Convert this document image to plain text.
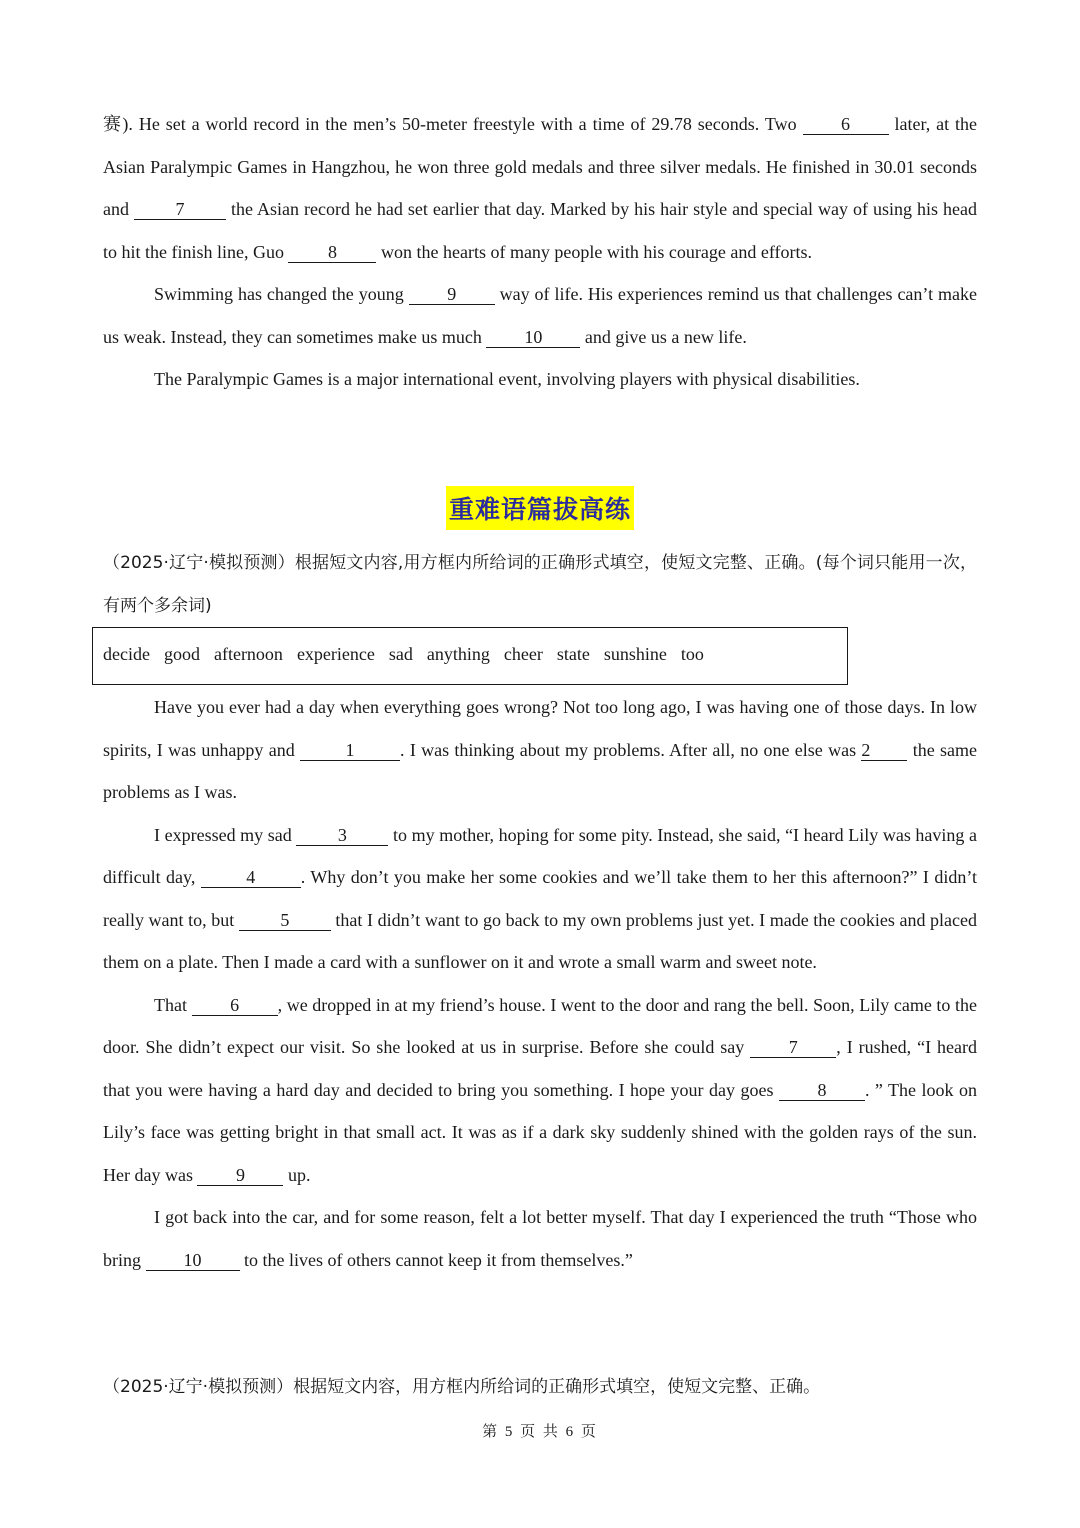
赛). He set a world record in the men’s 50-meter freestyle with a time of 29.78 seconds. Two 6 later, at the Asian Paralympic Games in Hangzhou, he won three gold medals and three silver medals. He finished in 30.01 seconds and	7 the Asian record he had set earlier that day. Marked by his hair style and special way of using his head to hit the finish line, Guo 8 won the hearts of many people with his courage and efforts.

Swimming has changed the young 9 way of life. His experiences remind us that challenges can’t make us weak. Instead, they can sometimes make us much 10 and give us a new life.

The Paralympic Games is a major international event, involving players with physical disabilities.

重难语篇拔高练

（2025·辽宁·模拟预测）根据短文内容,用方框内所给词的正确形式填空，使短文完整、正确。(每个词只能用一次，有两个多余词)

decide good afternoon experience sad anything cheer state sunshine too

Have you ever had a day when everything goes wrong? Not too long ago, I was having one of those days. In low spirits, I was unhappy and	1	. I was thinking about my problems. After all, no one else was 2 the same problems as I was.

I expressed my sad	3 to my mother, hoping for some pity. Instead, she said, “I heard Lily was having a difficult day,	4	. Why don’t you make her some cookies and we’ll take them to her this afternoon?” I didn’t really want to, but	5 that I didn’t want to go back to my own problems just yet. I made the cookies and placed them on a plate. Then I made a card with a sunflower on it and wrote a small warm and sweet note.

That 6 , we dropped in at my friend’s house. I went to the door and rang the bell. Soon, Lily came to the door. She didn’t expect our visit. So she looked at us in surprise. Before she could say 7 , I rushed, “I heard that you were having a hard day and decided to bring you something. I hope your day goes 8 . ” The look on Lily’s face was getting bright in that small act. It was as if a dark sky suddenly shined with the golden rays of the sun. Her day was 9 up.

I got back into the car, and for some reason, felt a lot better myself. That day I experienced the truth “Those who bring 10 to the lives of others cannot keep it from themselves.”

（2025·辽宁·模拟预测）根据短文内容，用方框内所给词的正确形式填空，使短文完整、正确。

第 5 页 共 6 页
